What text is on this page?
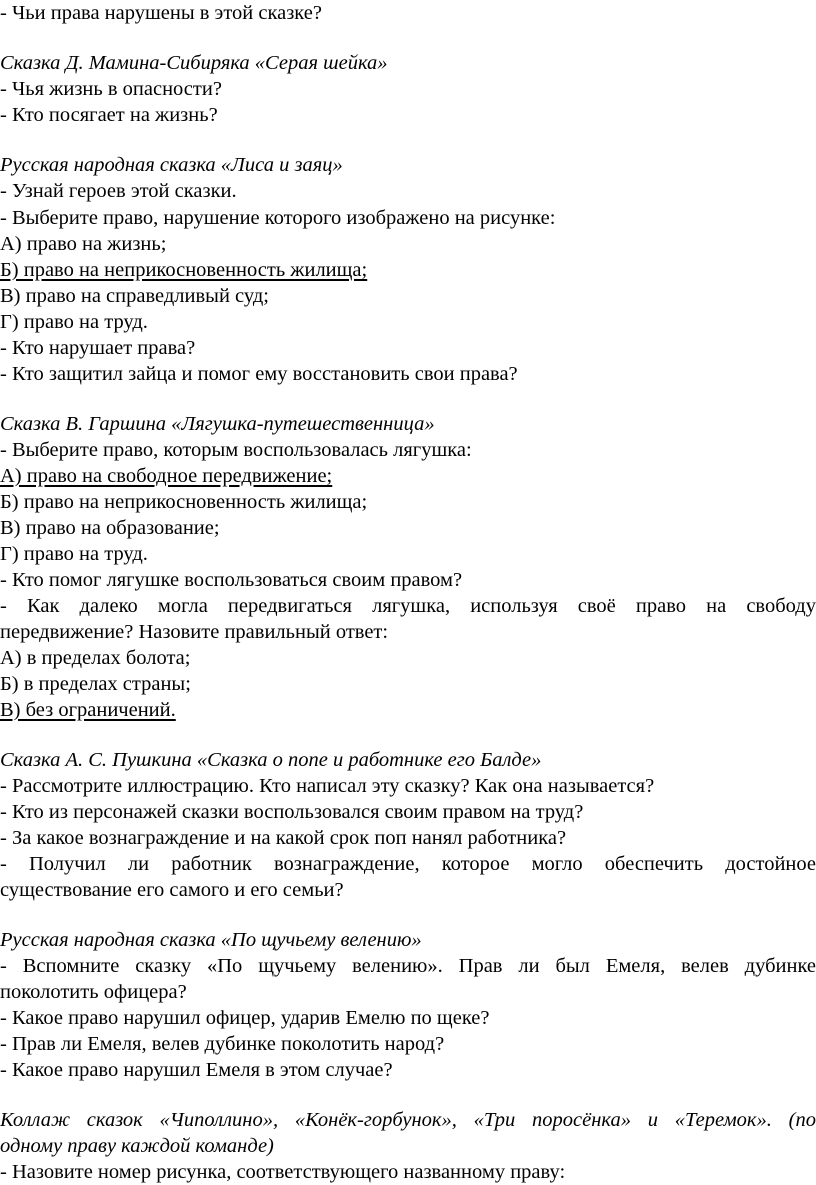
- Чьи права нарушены в этой сказке?
Сказка Д. Мамина-Сибиряка «Серая шейка»
- Чья жизнь в опасности?
- Кто посягает на жизнь?
Русская народная сказка «Лиса и заяц»
- Узнай героев этой сказки.
- Выберите право, нарушение которого изображено на рисунке:
А) право на жизнь;
Б) право на неприкосновенность жилища;
В) право на справедливый суд;
Г) право на труд.
- Кто нарушает права?
- Кто защитил зайца и помог ему восстановить свои права?
Сказка В. Гаршина «Лягушка-путешественница»
- Выберите право, которым воспользовалась лягушка:
А) право на свободное передвижение;
Б) право на неприкосновенность жилища;
В) право на образование;
Г) право на труд.
- Кто помог лягушке воспользоваться своим правом?
- Как далеко могла передвигаться лягушка, используя своё право на свободу
передвижение? Назовите правильный ответ:
А) в пределах болота;
Б) в пределах страны;
В) без ограничений.
Сказка А. С. Пушкина «Сказка о попе и работнике его Балде»
- Рассмотрите иллюстрацию. Кто написал эту сказку? Как она называется?
- Кто из персонажей сказки воспользовался своим правом на труд?
- За какое вознаграждение и на какой срок поп нанял работника?
- Получил ли работник вознаграждение, которое могло обеспечить достойное
существование его самого и его семьи?
Русская народная сказка «По щучьему велению»
- Вспомните сказку «По щучьему велению». Прав ли был Емеля, велев дубинке
поколотить офицера?
- Какое право нарушил офицер, ударив Емелю по щеке?
- Прав ли Емеля, велев дубинке поколотить народ?
- Какое право нарушил Емеля в этом случае?
Коллаж сказок «Чиполлино», «Конёк-горбунок», «Три поросёнка» и «Теремок». (по
одному праву каждой команде)
- Назовите номер рисунка, соответствующего названному праву:
